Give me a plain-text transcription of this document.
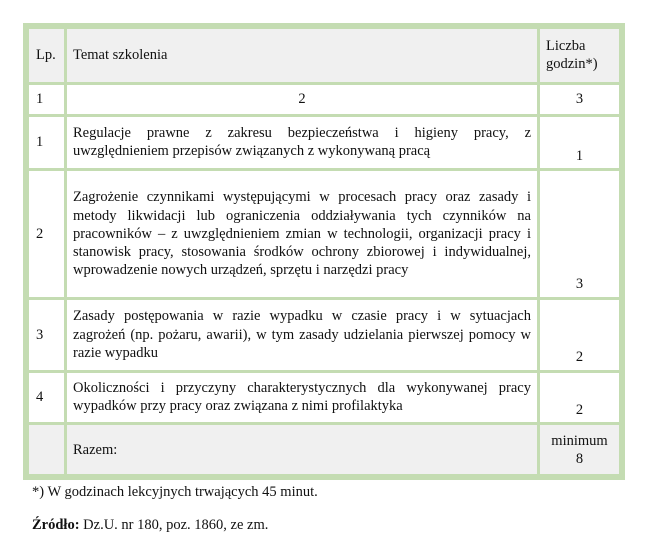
Lp.	Temat szkolenia	Liczba godzin*)
1	2	3
1	Regulacje prawne z zakresu bezpieczeństwa i higieny pracy, z uwzględnieniem przepisów związanych z wykonywaną pracą	1
2	Zagrożenie czynnikami występującymi w procesach pracy oraz zasady i metody likwidacji lub ograniczenia oddziaływania tych czynników na pracowników – z uwzględnieniem zmian w technologii, organizacji pracy i stanowisk pracy, stosowania środków ochrony zbiorowej i indywidualnej, wprowadzenie nowych urządzeń, sprzętu i narzędzi pracy	3
3	Zasady postępowania w razie wypadku w czasie pracy i w sytuacjach zagrożeń (np. pożaru, awarii), w tym zasady udzielania pierwszej pomocy w razie wypadku	2
4	Okoliczności i przyczyny charakterystycznych dla wykonywanej pracy wypadków przy pracy oraz związana z nimi profilaktyka	2
	Razem:	minimum 8
*) W godzinach lekcyjnych trwających 45 minut.
Źródło: Dz.U. nr 180, poz. 1860, ze zm.
